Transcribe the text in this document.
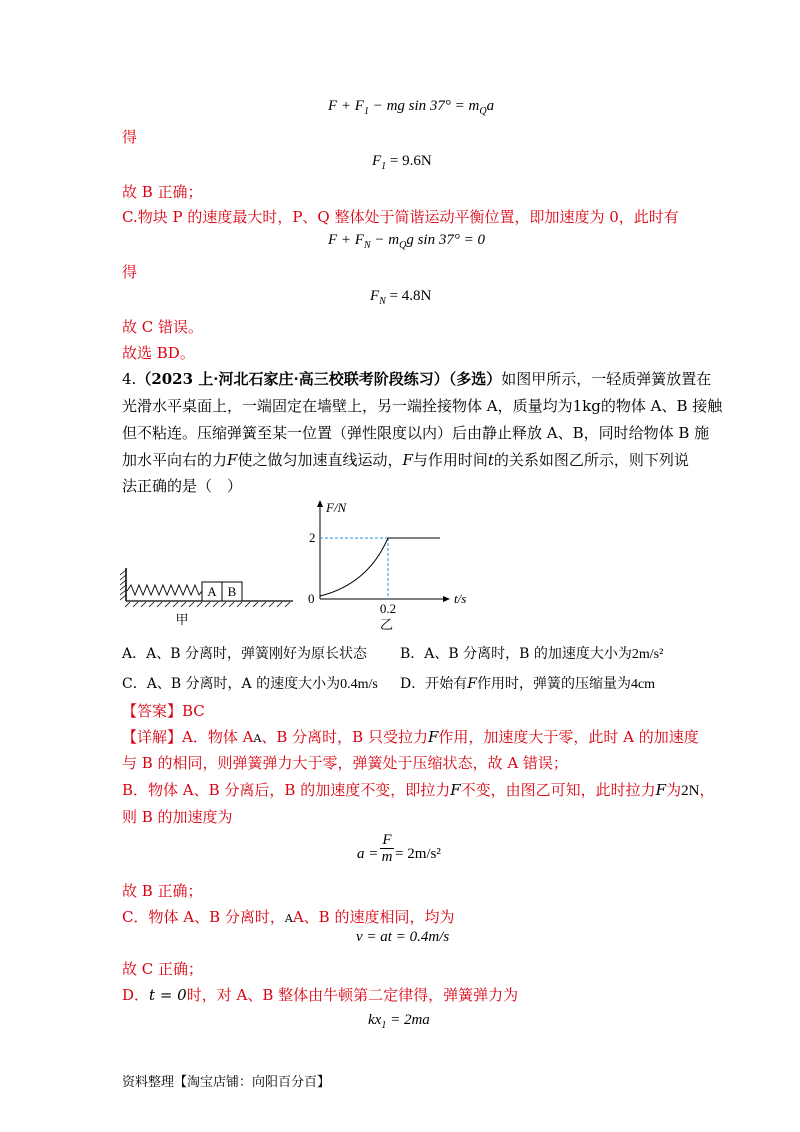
$F + F_1$ − mg $\sin 37^\circ = m_Qa$
得
$F_1 = 9.6N$
故 B 正确；
C.物块 P 的速度最大时，P、Q 整体处于简谐运动平衡位置，即加速度为 0，此时有
$F + F_N - m_Qg$ sin 37° = 0
得
$F_N = 4.8N$
故 C 错误。
故选 BD。
4.（2023 上·河北石家庄·高三校联考阶段练习）（多选）如图甲所示，一轻质弹簧放置在
光滑水平桌面上，一端固定在墙壁上，另一端拴接物体 A，质量均为1kg的物体 A、B 接触
但不粘连。压缩弹簧至某一位置（弹性限度以内）后由静止释放 A、B，同时给物体 B 施
加水平向右的力F使之做匀加速直线运动，F与作用时间t的关系如图乙所示，则下列说
法正确的是（　）
A B
甲
F/N
t/s
0
2
0.2
乙
A．A、B 分离时，弹簧刚好为原长状态 B．A、B 分离时，B 的加速度大小为2m/s²
C．A、B 分离时，A 的速度大小为0.4m/s D．开始有F作用时，弹簧的压缩量为4cm
【答案】BC
【详解】A．物体 AA、B 分离时，B 只受拉力F作用，加速度大于零，此时 A 的加速度
与 B 的相同，则弹簧弹力大于零，弹簧处于压缩状态，故 A 错误；
B．物体 A、B 分离后，B 的加速度不变，即拉力F不变，由图乙可知，此时拉力F为2N，
则 B 的加速度为
a =
F
m = 2m/s²
故 B 正确；
C．物体 A、B 分离时，AA、B 的速度相同，均为
v = at = 0.4m/s
故 C 正确；
D．t = 0时，对 A、B 整体由牛顿第二定律得，弹簧弹力为
$kx_1 = 2ma$
资料整理【淘宝店铺：向阳百分百】
